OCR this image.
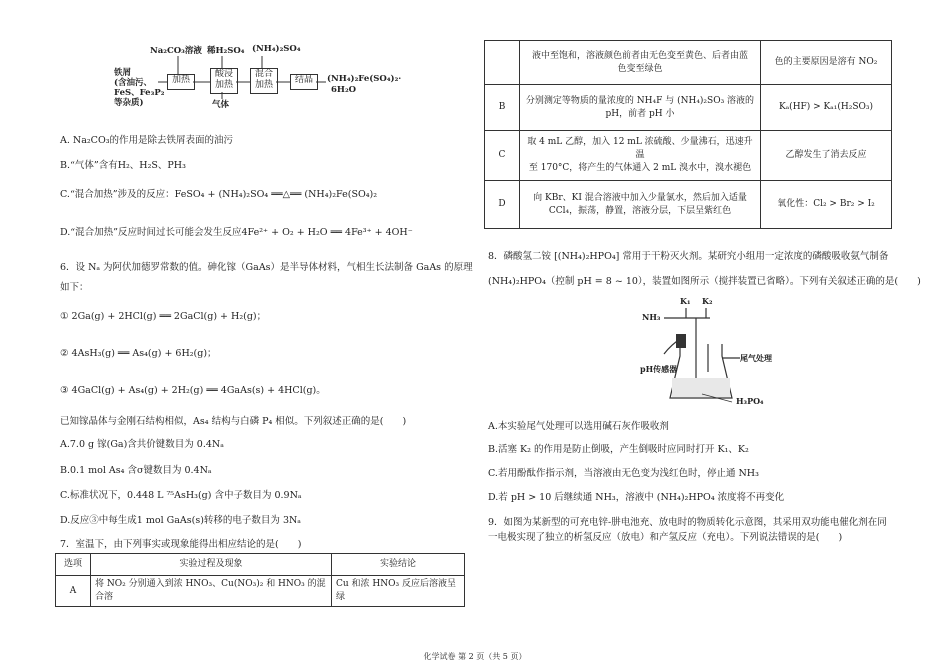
Na₂CO₃溶液 稀H₂SO₄ (NH₄)₂SO₄
铁屑
(含油污、
FeS、Fe₃P₂
等杂质)
加热
酸浸
加热
混合
加热	结晶
气体
(NH₄)₂Fe(SO₄)₂·
6H₂O
A. Na₂CO₃的作用是除去铁屑表面的油污
B.“气体”含有H₂、H₂S、PH₃
C.“混合加热”涉及的反应：FeSO₄ + (NH₄)₂SO₄ ══△══ (NH₄)₂Fe(SO₄)₂
D.“混合加热”反应时间过长可能会发生反应4Fe²⁺ + O₂ + H₂O ══ 4Fe³⁺ + 4OH⁻
6．设 Nₐ 为阿伏加德罗常数的值。砷化镓（GaAs）是半导体材料，气相生长法制备 GaAs 的原理
如下：
① 2Ga(g) + 2HCl(g) ══ 2GaCl(g) + H₂(g)；
② 4AsH₃(g) ══ As₄(g) + 6H₂(g)；
③ 4GaCl(g) + As₄(g) + 2H₂(g) ══ 4GaAs(s) + 4HCl(g)。
已知镓晶体与金刚石结构相似，As₄ 结构与白磷 P₄ 相似。下列叙述正确的是(　　)
A.7.0 g 镓(Ga)含共价键数目为 0.4Nₐ
B.0.1 mol As₄ 含σ键数目为 0.4Nₐ
C.标准状况下，0.448 L ⁷⁵AsH₃(g) 含中子数目为 0.9Nₐ
D.反应③中每生成1 mol GaAs(s)转移的电子数目为 3Nₐ
7．室温下，由下列事实或现象能得出相应结论的是(　　)
选项	实验过程及现象	实验结论
A	将 NO₂ 分别通入到浓 HNO₃、Cu(NO₃)₂ 和 HNO₃ 的混合溶	Cu 和浓 HNO₃ 反应后溶液呈绿

	液中至饱和，溶液颜色前者由无色变至黄色、后者由蓝
色变至绿色	色的主要原因是溶有 NO₂
B	分别测定等物质的量浓度的 NH₄F 与 (NH₄)₂SO₃ 溶液的
pH，前者 pH 小	Kₐ(HF) > Kₐ₁(H₂SO₃)
C	取 4 mL 乙醇，加入 12 mL 浓硫酸、少量沸石，迅速升温
至 170°C，将产生的气体通入 2 mL 溴水中，溴水褪色	乙醇发生了消去反应
D	向 KBr、KI 混合溶液中加入少量氯水，然后加入适量
CCl₄，振荡，静置，溶液分层，下层呈紫红色	氧化性：Cl₂ > Br₂ > I₂
8．磷酸氢二铵 [(NH₄)₂HPO₄] 常用于干粉灭火剂。某研究小组用一定浓度的磷酸吸收氨气制备
(NH₄)₂HPO₄（控制 pH = 8 ~ 10），装置如图所示（搅拌装置已省略）。下列有关叙述正确的是(　　)
K₁ K₂
NH₃
pH传感器
尾气处理
H₃PO₄
A.本实验尾气处理可以选用碱石灰作吸收剂
B.活塞 K₂ 的作用是防止倒吸，产生倒吸时应同时打开 K₁、K₂
C.若用酚酞作指示剂，当溶液由无色变为浅红色时，停止通 NH₃
D.若 pH > 10 后继续通 NH₃，溶液中 (NH₄)₂HPO₄ 浓度将不再变化
9．如图为某新型的可充电锌-肼电池充、放电时的物质转化示意图，其采用双功能电催化剂在同
一电极实现了独立的析氢反应（放电）和产氢反应（充电）。下列说法错误的是(　　)
化学试卷 第 2 页（共 5 页）
